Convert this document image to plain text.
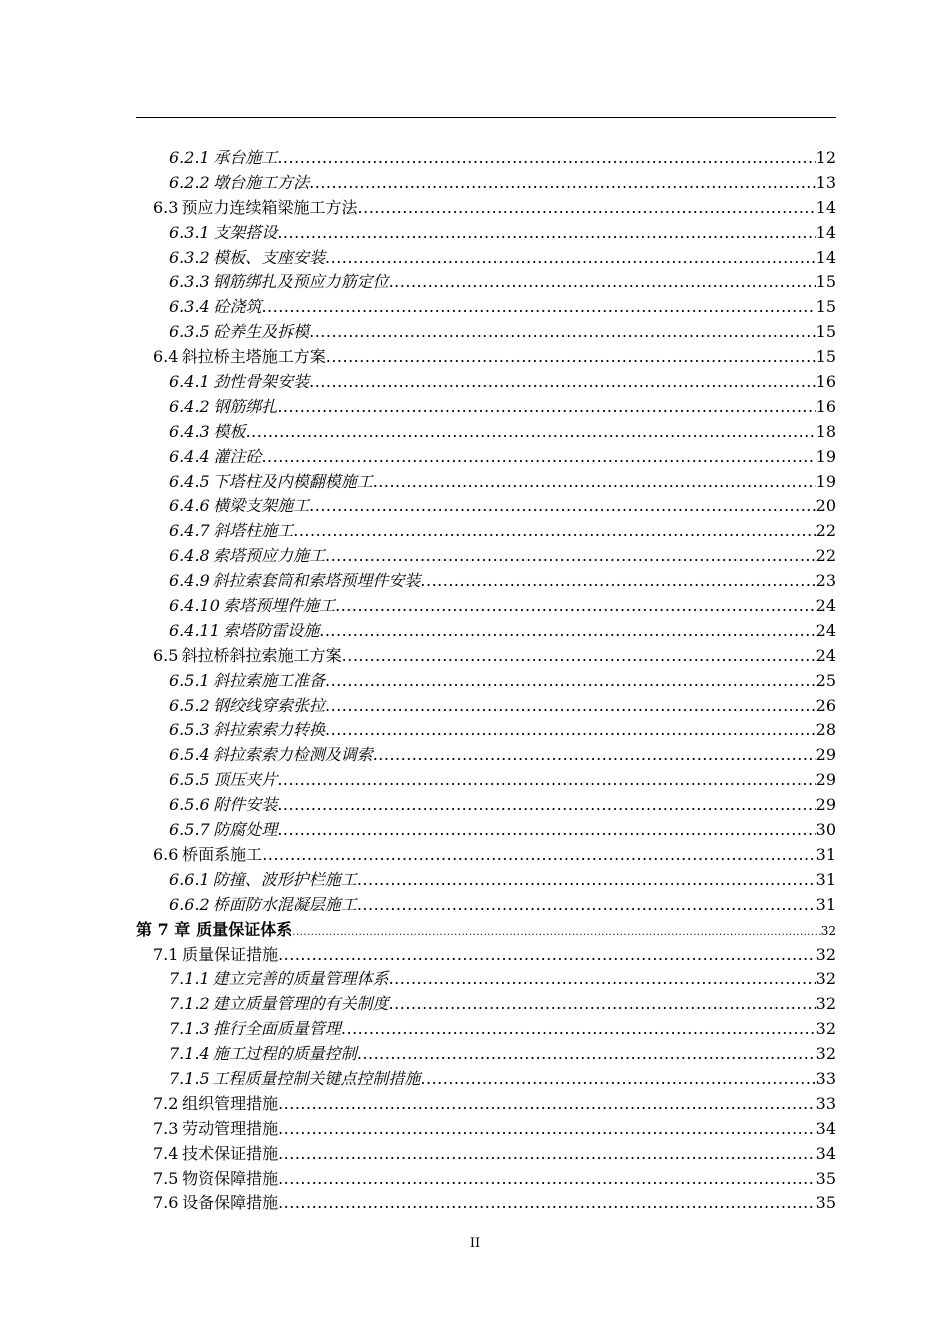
6.2.1 承台施工 .....	12
6.2.2 墩台施工方法 .....	13
6.3 预应力连续箱梁施工方法 .....	14
6.3.1 支架搭设 .....	14
6.3.2 模板、支座安装 .....	14
6.3.3 钢筋绑扎及预应力筋定位 .....	15
6.3.4 砼浇筑 .....	15
6.3.5 砼养生及拆模 .....	15
6.4 斜拉桥主塔施工方案 .....	15
6.4.1 劲性骨架安装 .....	16
6.4.2 钢筋绑扎 .....	16
6.4.3 模板 .....	18
6.4.4 灌注砼 .....	19
6.4.5 下塔柱及内模翻模施工 .....	19
6.4.6 横梁支架施工 .....	20
6.4.7 斜塔柱施工 .....	22
6.4.8 索塔预应力施工 .....	22
6.4.9 斜拉索套筒和索塔预埋件安装 .....	23
6.4.10 索塔预埋件施工 .....	24
6.4.11 索塔防雷设施 .....	24
6.5 斜拉桥斜拉索施工方案 .....	24
6.5.1 斜拉索施工准备 .....	25
6.5.2 钢绞线穿索张拉 .....	26
6.5.3 斜拉索索力转换 .....	28
6.5.4 斜拉索索力检测及调索 .....	29
6.5.5 顶压夹片 .....	29
6.5.6 附件安装 .....	29
6.5.7 防腐处理 .....	30
6.6 桥面系施工 .....	31
6.6.1 防撞、波形护栏施工 .....	31
6.6.2 桥面防水混凝层施工 .....	31
第 7 章 质量保证体系 .....	32
7.1 质量保证措施 .....	32
7.1.1 建立完善的质量管理体系 .....	32
7.1.2 建立质量管理的有关制度 .....	32
7.1.3 推行全面质量管理 .....	32
7.1.4 施工过程的质量控制 .....	32
7.1.5 工程质量控制关键点控制措施 .....	33
7.2 组织管理措施 .....	33
7.3 劳动管理措施 .....	34
7.4 技术保证措施 .....	34
7.5 物资保障措施 .....	35
7.6 设备保障措施 .....	35
II
